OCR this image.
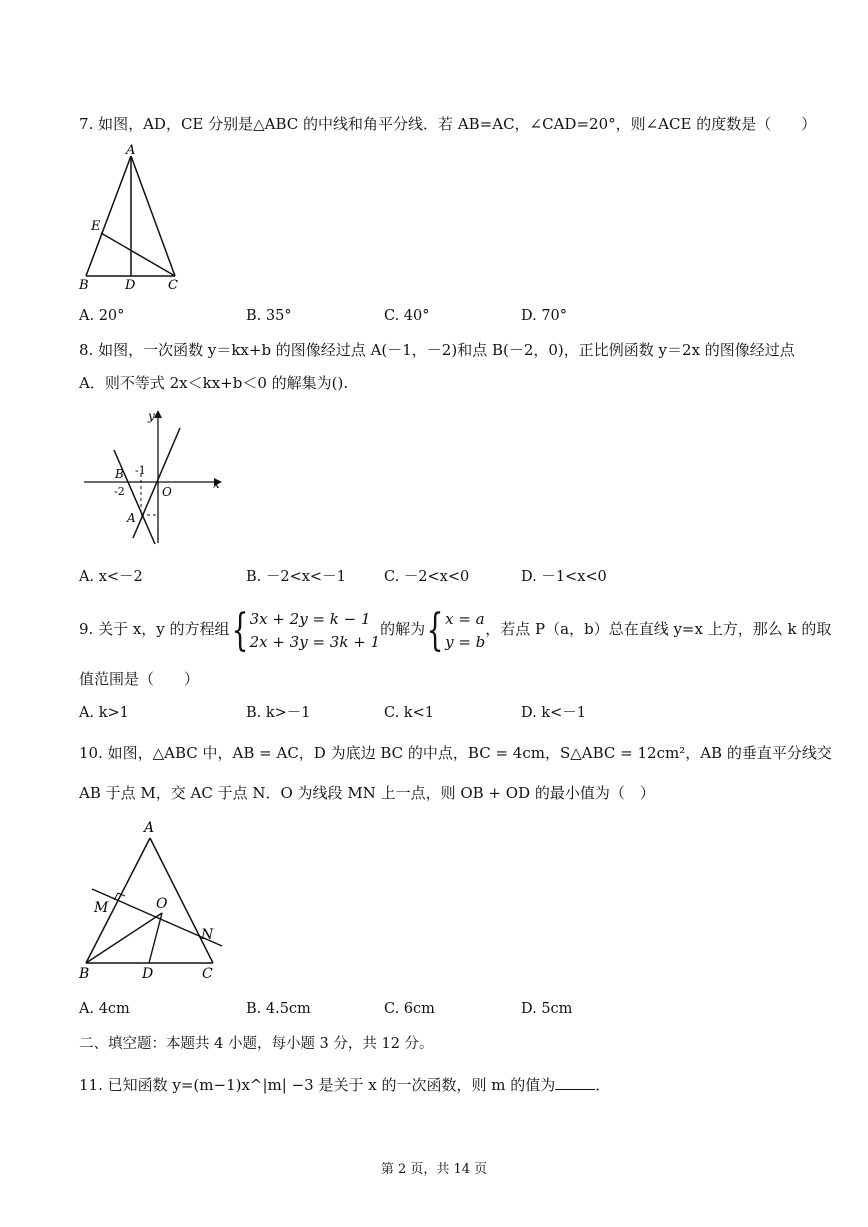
7. 如图，AD，CE 分别是△ABC 的中线和角平分线．若 AB=AC，∠CAD=20°，则∠ACE 的度数是（　　）
A
E
B	D	C
A. 20°	B. 35°	C. 40°	D. 70°
8. 如图，一次函数 y＝kx+b 的图像经过点 A(－1，－2)和点 B(－2，0)，正比例函数 y＝2x 的图像经过点
A．则不等式 2x＜kx+b＜0 的解集为().
y
x
O
B
A
-1
-2
A. x<－2	B. －2<x<－1	C. －2<x<0	D. －1<x<0
9. 关于 x，y 的方程组{ 3x + 2y = k − 1
2x + 3y = 3k + 1
的解为{ x = a
y = b
，若点 P（a，b）总在直线 y=x 上方，那么 k 的取
值范围是（　　）
A. k>1	B. k>－1	C. k<1	D. k<－1
10. 如图，△ABC 中，AB = AC，D 为底边 BC 的中点，BC = 4cm，S△ABC = 12cm²，AB 的垂直平分线交
AB 于点 M，交 AC 于点 N．O 为线段 MN 上一点，则 OB + OD 的最小值为（　）
A
M	O
N
B	D	C
A. 4cm	B. 4.5cm	C. 6cm	D. 5cm
二、填空题：本题共 4 小题，每小题 3 分，共 12 分。
11. 已知函数 y=(m−1)x^|m| −3 是关于 x 的一次函数，则 m 的值为	．
第 2 页，共 14 页
